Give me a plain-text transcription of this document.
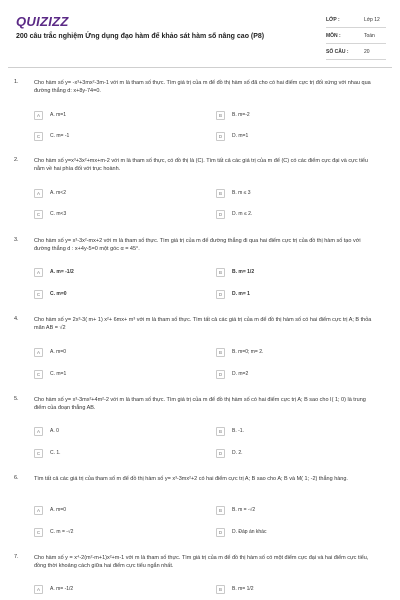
QUIZIZZ
200 câu trắc nghiệm Ứng dụng đạo hàm để khảo sát hàm số nâng cao (P8)
LỚP :	Lớp 12
MÔN :	Toán
SỐ CÂU :	20
1.	Cho hàm số y= -x³+3mx²-3m-1 với m là tham số thực. Tìm giá trị của m để đồ thị hàm số đã cho có hai điểm cực trị đối xứng với nhau qua đường thẳng d: x+8y-74=0.
A	A. m=1	B	B. m=-2
C	C. m= -1	D	D. m=1
2.	Cho hàm số y=x³+3x²+mx+m-2 với m là tham số thực, có đồ thị là (C). Tìm tất cả các giá trị của m để (C) có các điểm cực đại và cực tiểu nằm về hai phía đối với trục hoành.
A	A. m<2	B	B. m ≤ 3
C	C. m<3	D	D. m ≤ 2.
3.	Cho hàm số y= x³-3x²-mx+2 với m là tham số thực. Tìm giá trị của m để đường thẳng đi qua hai điểm cực trị của đồ thị hàm số tạo với đường thẳng d : x+4y-5=0 một góc α = 45°.
A	A. m= -1/2	B	B. m= 1/2
C	C. m=0	D	D. m= 1
4.	Cho hàm số y= 2x³-3( m+ 1) x²+ 6mx+ m³ với m là tham số thực. Tìm tất cả các giá trị của m để đồ thị hàm số có hai điểm cực trị A; B thỏa mãn AB = √2
A	A. m=0	B	B. m=0; m= 2.
C	C. m=1	D	D. m=2
5.	Cho hàm số y= x³-3mx²+4m²-2 với m là tham số thực. Tìm giá trị của m để đồ thị hàm số có hai điểm cực trị A; B sao cho I( 1; 0) là trung điểm của đoạn thẳng AB.
A	A. 0	B	B. -1.
C	C. 1.	D	D. 2.
6.	Tìm tất cả các giá trị của tham số m để đồ thị hàm số y= x³-3mx²+2 có hai điểm cực trị A; B sao cho A; B và M( 1; -2) thẳng hàng.
A	A. m=0	B	B. m = -√2
C	C. m = -√2	D	D. Đáp án khác
7.	Cho hàm số y = x⁴-2(m²-m+1)x²+m-1 với m là tham số thực. Tìm giá trị của m để đồ thị hàm số có một điểm cực đại và hai điểm cực tiểu, đồng thời khoảng cách giữa hai điểm cực tiểu ngắn nhất.
A	A. m= -1/2	B	B. m= 1/2
